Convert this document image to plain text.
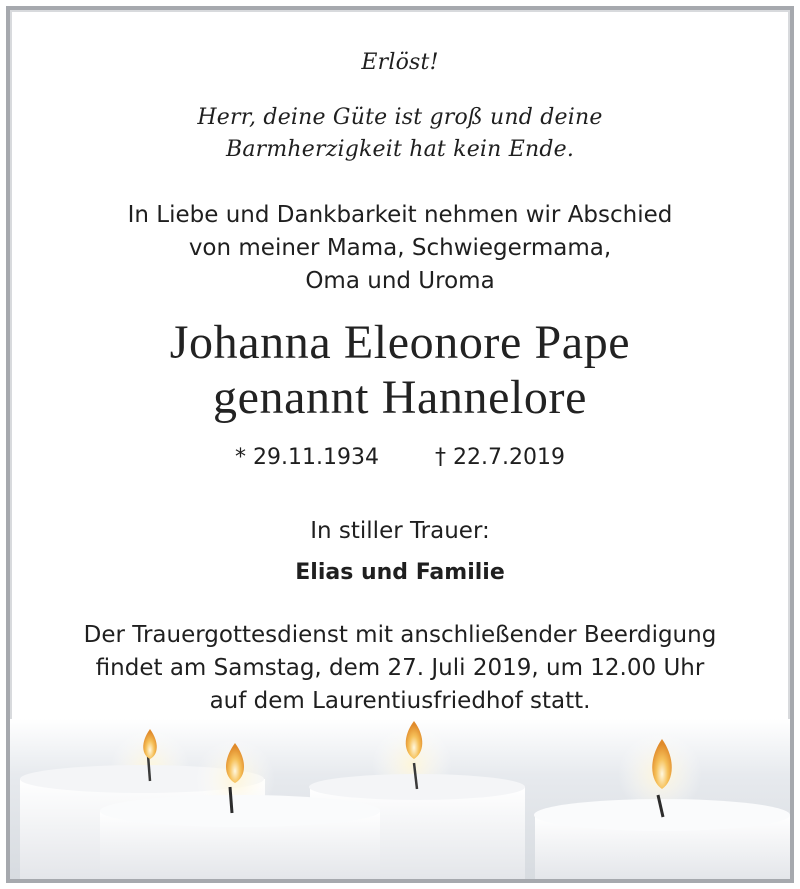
Erlöst!
Herr, deine Güte ist groß und deine
Barmherzigkeit hat kein Ende.
In Liebe und Dankbarkeit nehmen wir Abschied
von meiner Mama, Schwiegermama,
Oma und Uroma
Johanna Eleonore Pape
genannt Hannelore
* 29.11.1934	† 22.7.2019
In stiller Trauer:
Elias und Familie
Der Trauergottesdienst mit anschließender Beerdigung
findet am Samstag, dem 27. Juli 2019, um 12.00 Uhr
auf dem Laurentiusfriedhof statt.
